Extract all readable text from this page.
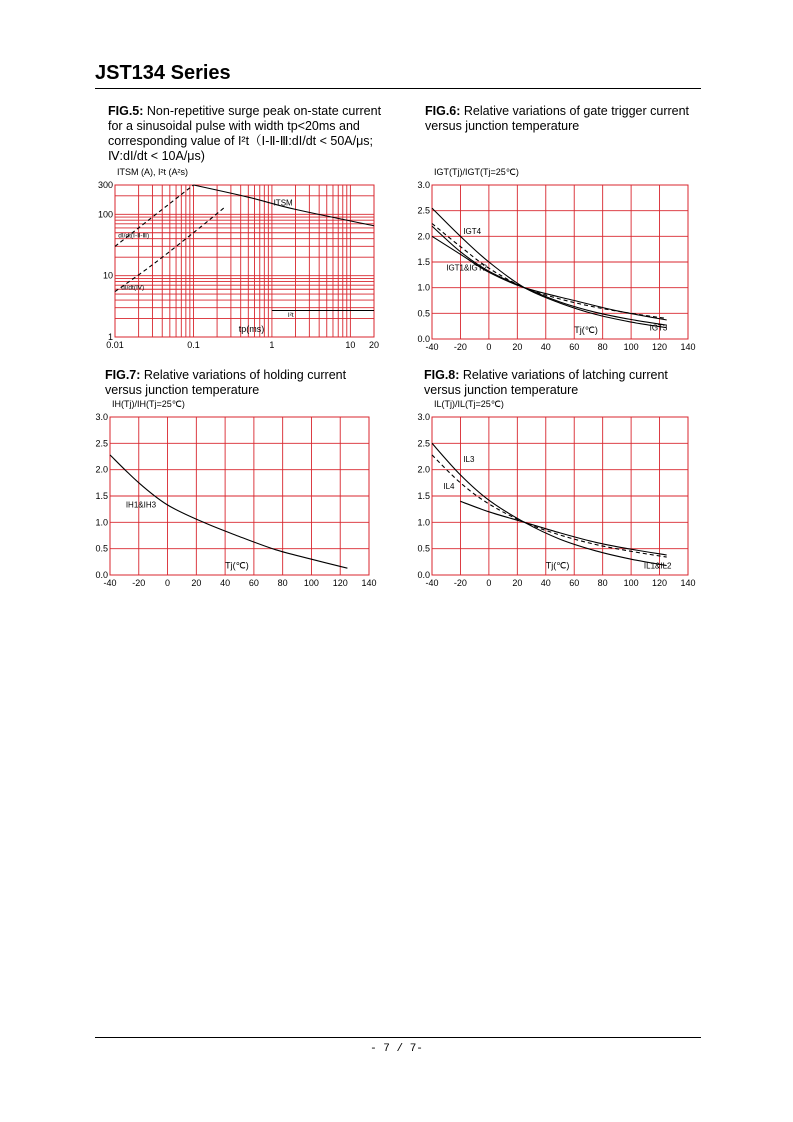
JST134 Series
FIG.5: Non-repetitive surge peak on-state current
for a sinusoidal pulse with width tp<20ms and
corresponding value of I²t（Ⅰ-Ⅱ-Ⅲ:dI/dt < 50A/μs;
Ⅳ:dI/dt < 10A/μs)
FIG.6: Relative variations of gate trigger current
versus junction temperature
FIG.7: Relative variations of holding current
versus junction temperature
FIG.8: Relative variations of latching current
versus junction temperature
0.01	0.1	1	10 20
1
10
100
300
ITSM (A), I²t (A²s)
ITSM
dI/dt(Ⅰ-Ⅱ-Ⅲ)
dI/dt(Ⅳ)
I²t
tp(ms)
-40 -20 0 20 40 60 80 100 120 140
0.0
0.5
1.0
1.5
2.0
2.5
3.0
IGT(Tj)/IGT(Tj=25℃)
IGT4
IGT1&IGT2
Tj(℃)	IGT3
-40 -20 0 20 40 60 80 100 120 140
0.0
0.5
1.0
1.5
2.0
2.5
3.0
IH(Tj)/IH(Tj=25℃)
IH1&IH3
Tj(℃)
-40 -20 0 20 40 60 80 100 120 140
0.0
0.5
1.0
1.5
2.0
2.5
3.0
IL(Tj)/IL(Tj=25℃)
IL3
IL4
Tj(℃)	IL1&IL2
- 7 / 7-
